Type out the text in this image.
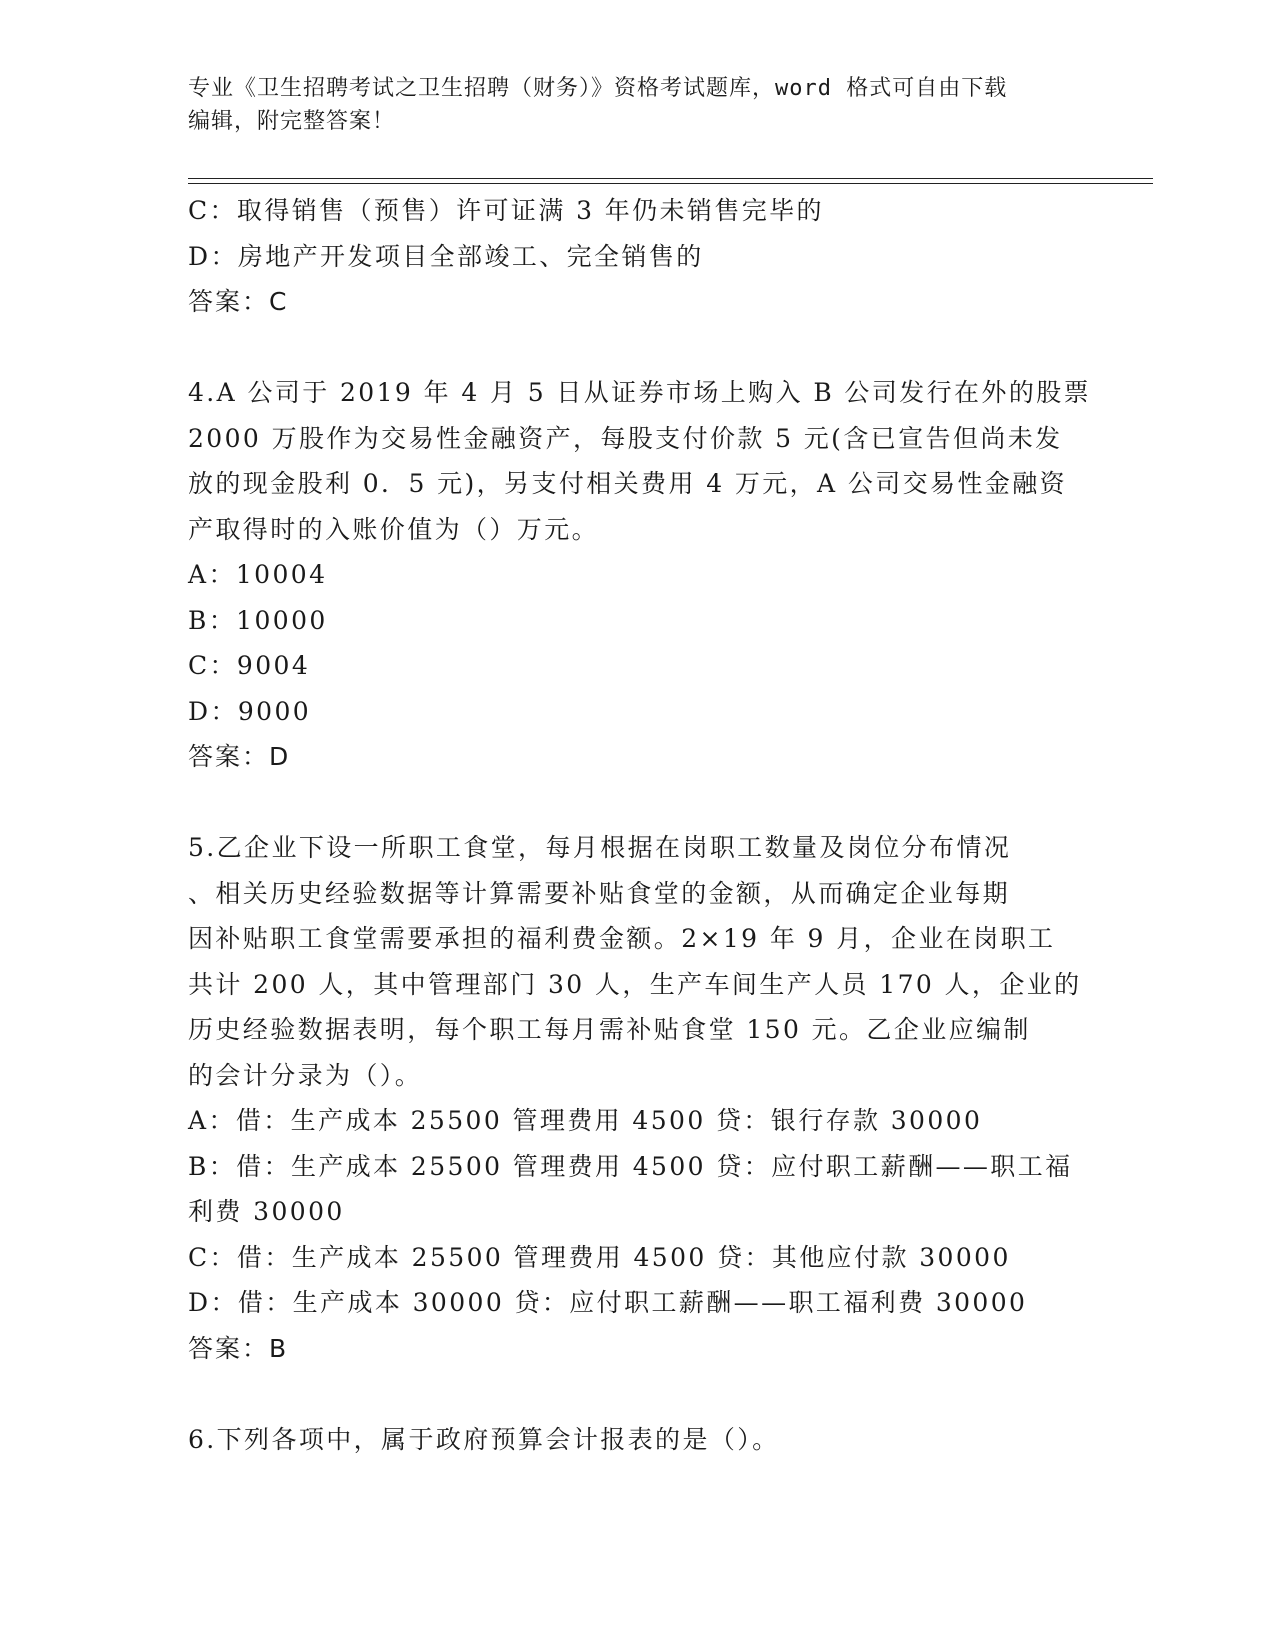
专业《卫生招聘考试之卫生招聘（财务）》资格考试题库，word 格式可自由下载
编辑，附完整答案！

C：取得销售（预售）许可证满 3 年仍未销售完毕的

D：房地产开发项目全部竣工、完全销售的

答案：C

4.A 公司于 2019 年 4 月 5 日从证券市场上购入 B 公司发行在外的股票

2000 万股作为交易性金融资产，每股支付价款 5 元(含已宣告但尚未发

放的现金股利 0．5 元)，另支付相关费用 4 万元，A 公司交易性金融资

产取得时的入账价值为（）万元。

A：10004

B：10000

C：9004

D：9000

答案：D

5.乙企业下设一所职工食堂，每月根据在岗职工数量及岗位分布情况

、相关历史经验数据等计算需要补贴食堂的金额，从而确定企业每期

因补贴职工食堂需要承担的福利费金额。2×19 年 9 月，企业在岗职工

共计 200 人，其中管理部门 30 人，生产车间生产人员 170 人，企业的

历史经验数据表明，每个职工每月需补贴食堂 150 元。乙企业应编制

的会计分录为（）。

A：借：生产成本 25500 管理费用 4500 贷：银行存款 30000

B：借：生产成本 25500 管理费用 4500 贷：应付职工薪酬——职工福

利费 30000

C：借：生产成本 25500 管理费用 4500 贷：其他应付款 30000

D：借：生产成本 30000 贷：应付职工薪酬——职工福利费 30000

答案：B

6.下列各项中，属于政府预算会计报表的是（）。
